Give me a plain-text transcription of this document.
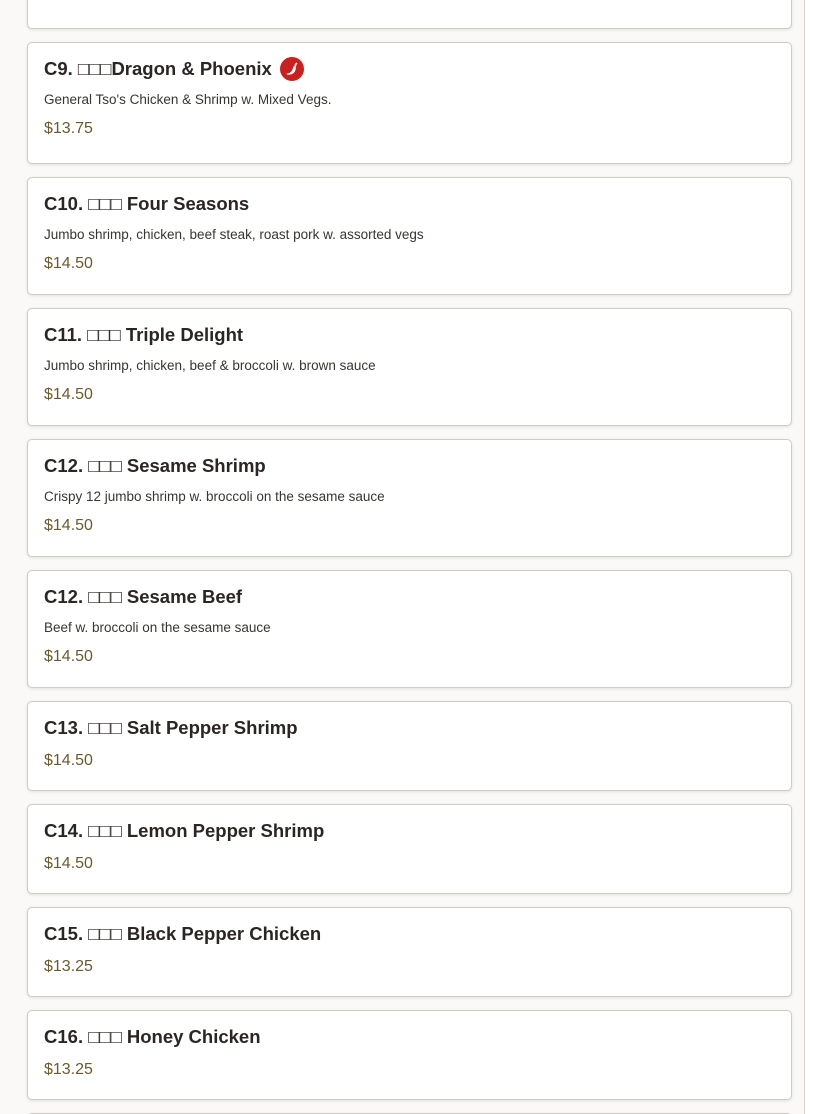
C9. □□□Dragon & Phoenix
General Tso's Chicken & Shrimp w. Mixed Vegs.
$13.75
C10. □□□ Four Seasons
Jumbo shrimp, chicken, beef steak, roast pork w. assorted vegs
$14.50
C11. □□□ Triple Delight
Jumbo shrimp, chicken, beef & broccoli w. brown sauce
$14.50
C12. □□□ Sesame Shrimp
Crispy 12 jumbo shrimp w. broccoli on the sesame sauce
$14.50
C12. □□□ Sesame Beef
Beef w. broccoli on the sesame sauce
$14.50
C13. □□□ Salt Pepper Shrimp
$14.50
C14. □□□ Lemon Pepper Shrimp
$14.50
C15. □□□ Black Pepper Chicken
$13.25
C16. □□□ Honey Chicken
$13.25
